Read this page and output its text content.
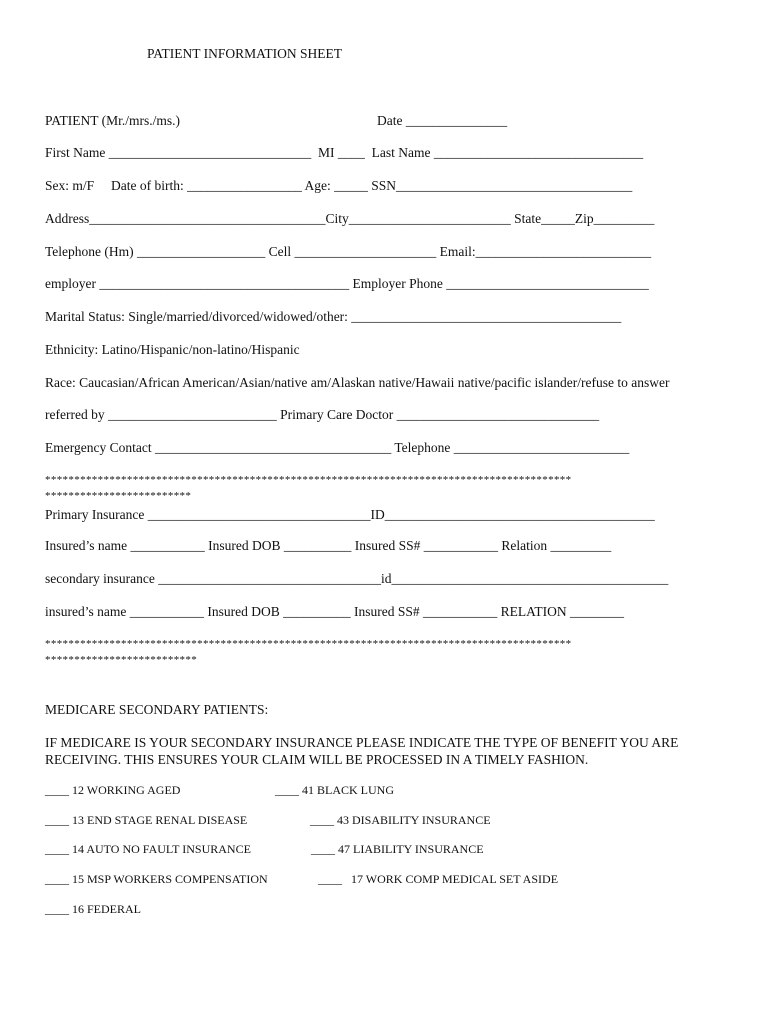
PATIENT INFORMATION SHEET
PATIENT (Mr./mrs./ms.)	Date _______________
First Name ______________________________  MI ____  Last Name _______________________________
Sex: m/F     Date of birth: _________________ Age: _____ SSN___________________________________
Address___________________________________City________________________ State_____Zip_________
Telephone (Hm) ___________________ Cell _____________________ Email:__________________________
employer _____________________________________ Employer Phone ______________________________
Marital Status: Single/married/divorced/widowed/other: ________________________________________
Ethnicity: Latino/Hispanic/non-latino/Hispanic
Race: Caucasian/African American/Asian/native am/Alaskan native/Hawaii native/pacific islander/refuse to answer
referred by _________________________ Primary Care Doctor ______________________________
Emergency Contact ___________________________________ Telephone __________________________
******************************************************************************************
*************************
Primary Insurance _________________________________ID________________________________________
Insured’s name ___________ Insured DOB __________ Insured SS# ___________ Relation _________
secondary insurance _________________________________id_________________________________________
insured’s name ___________ Insured DOB __________ Insured SS# ___________ RELATION ________
******************************************************************************************
**************************
MEDICARE SECONDARY PATIENTS:
IF MEDICARE IS YOUR SECONDARY INSURANCE PLEASE INDICATE THE TYPE OF BENEFIT YOU ARE RECEIVING. THIS ENSURES YOUR CLAIM WILL BE PROCESSED IN A TIMELY FASHION.
____ 12 WORKING AGED	____ 41 BLACK LUNG
____ 13 END STAGE RENAL DISEASE	____ 43 DISABILITY INSURANCE
____ 14 AUTO NO FAULT INSURANCE	____ 47 LIABILITY INSURANCE
____ 15 MSP WORKERS COMPENSATION	____   17 WORK COMP MEDICAL SET ASIDE
____ 16 FEDERAL
